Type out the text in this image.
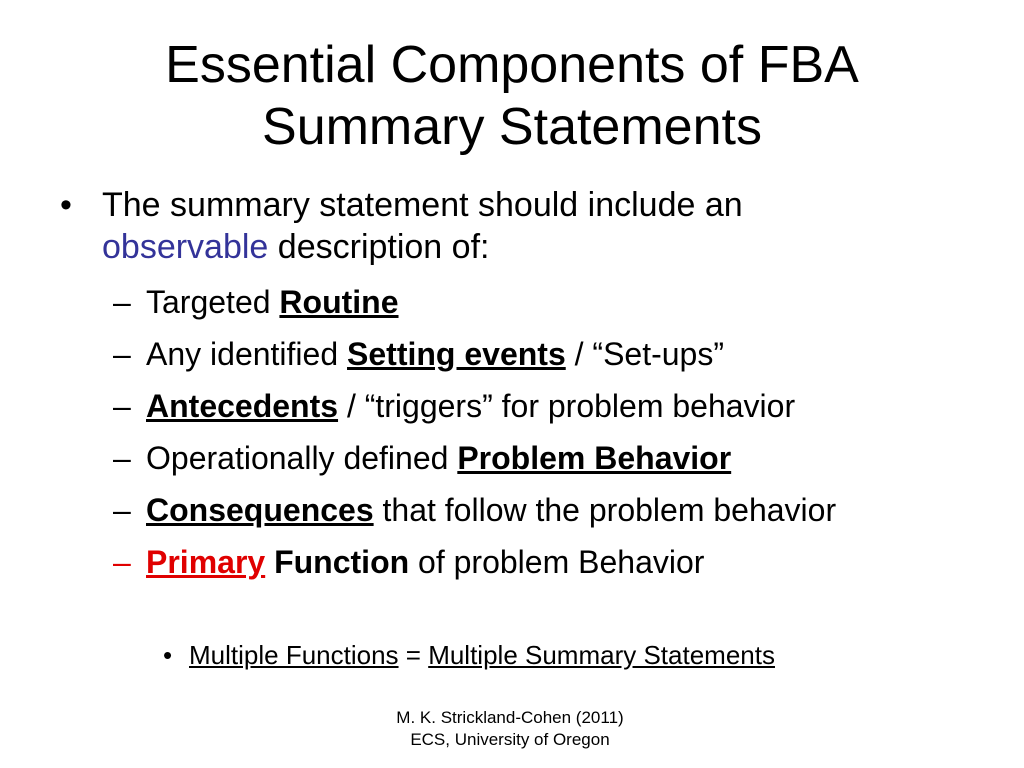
Essential Components of FBA
Summary Statements
• The summary statement should include an
observable description of:
– Targeted Routine
– Any identified Setting events / “Set-ups”
– Antecedents / “triggers” for problem behavior
– Operationally defined Problem Behavior
– Consequences that follow the problem behavior
– Primary Function of problem Behavior
• Multiple Functions = Multiple Summary Statements
M. K. Strickland-Cohen (2011)
ECS, University of Oregon
